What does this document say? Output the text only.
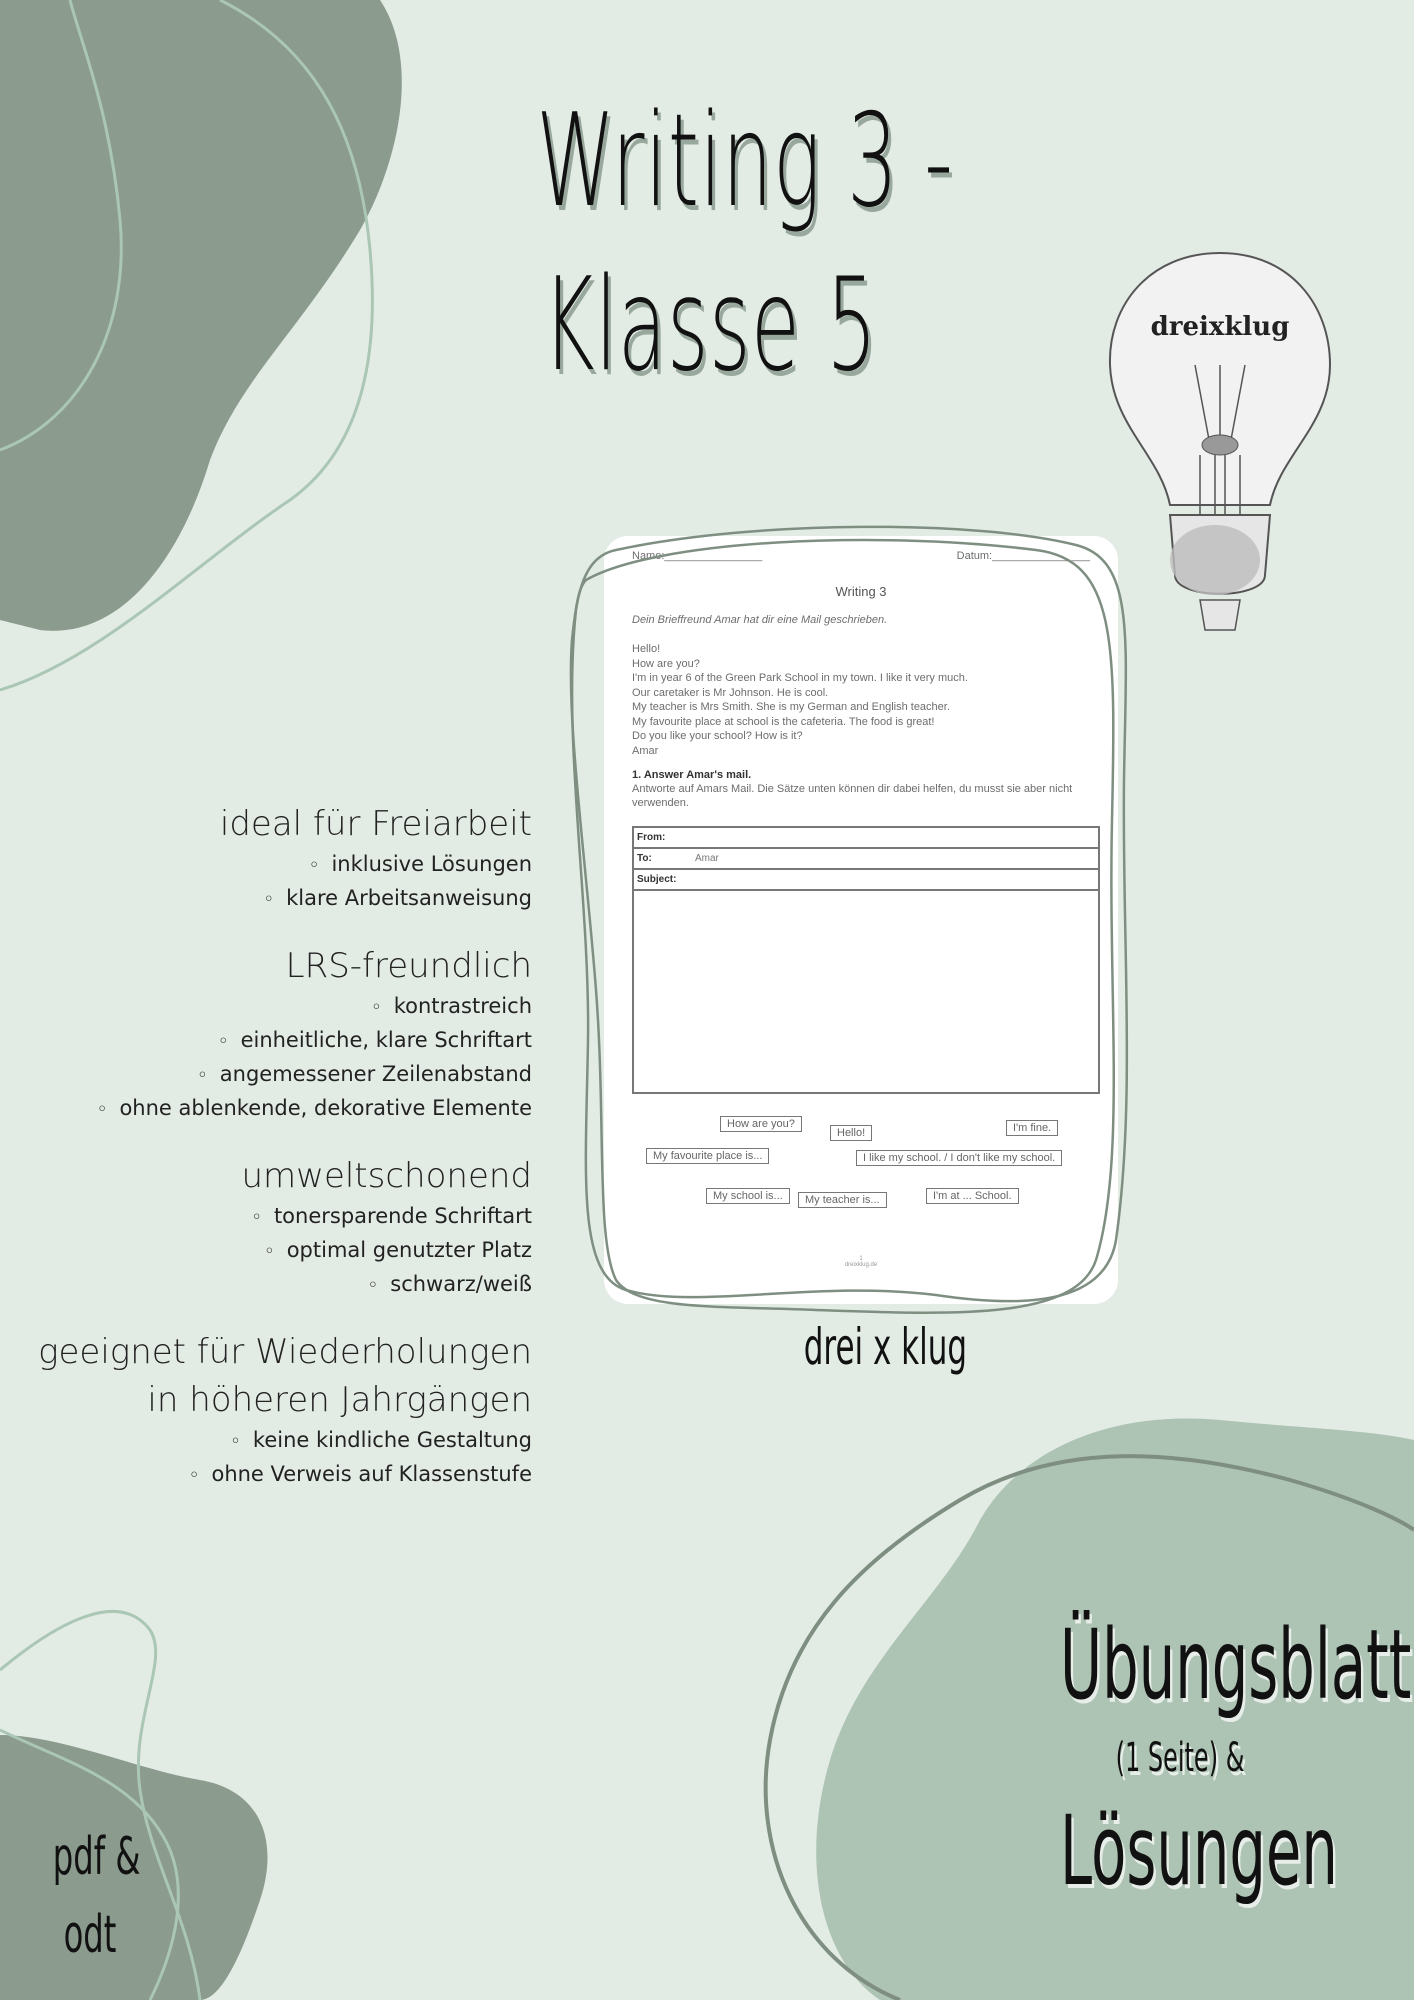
Writing 3 -
Klasse 5	dreixklug
ideal für Freiarbeit
◦ inklusive Lösungen
◦ klare Arbeitsanweisung
LRS-freundlich
◦ kontrastreich
◦ einheitliche, klare Schriftart
◦ angemessener Zeilenabstand
◦ ohne ablenkende, dekorative Elemente
umweltschonend
◦ tonersparende Schriftart
◦ optimal genutzter Platz
◦ schwarz/weiß
geeignet für Wiederholungen
in höheren Jahrgängen
◦ keine kindliche Gestaltung
◦ ohne Verweis auf Klassenstufe
Name:________________	Datum:________________
Writing 3
Dein Brieffreund Amar hat dir eine Mail geschrieben.
Hello!
How are you?
I'm in year 6 of the Green Park School in my town. I like it very much.
Our caretaker is Mr Johnson. He is cool.
My teacher is Mrs Smith. She is my German and English teacher.
My favourite place at school is the cafeteria. The food is great!
Do you like your school? How is it?
Amar
1. Answer Amar's mail.
Antworte auf Amars Mail. Die Sätze unten können dir dabei helfen, du musst sie aber nicht verwenden.
From:
To:	Amar
Subject:
How are you?
Hello!	I'm fine.
My favourite place is...	I like my school. / I don't like my school.
My school is...	My teacher is...	I'm at ... School.
1
dreixklug.de
drei x klug
Übungsblatt
(1 Seite) &
Lösungen
pdf &
odt
